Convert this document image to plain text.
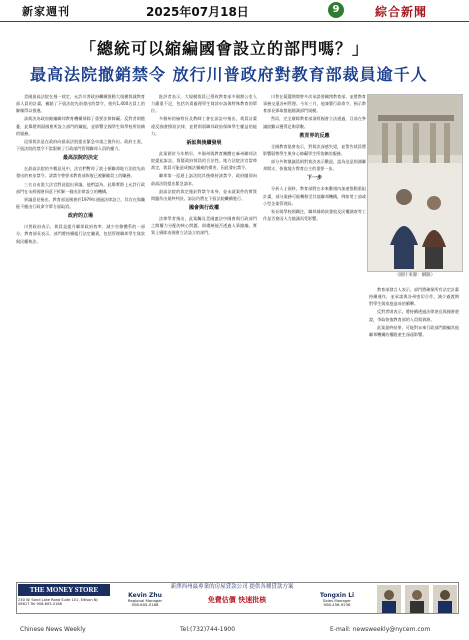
新家週刊	2025年07月18日	9	綜合新聞
「總統可以縮編國會設立的部門嗎？」
最高法院撤銷禁令 放行川普政府對教育部裁員逾千人

美國最高法院在週一裁定，允許川普政府繼續推動大規模裁減教育部人員的計畫，撤銷了下級法院先前發出的禁令，使約1,400名員工的解僱得以推進。

該裁決為政府縮編聯邦教育機構掃除了重要法律障礙。反對者則擔憂，此舉將削弱國會所設立部門的職能，並影響全國學生與學校所依賴的服務。

這項裁決是在政府向最高法院提出緊急申請之後作出。政府主張，下級法院的禁令不當限制了行政部門管理聯邦人員的權力。

最高法院的決定

在最高法院的多數意見中，法官們暫停了波士頓聯邦地方法院先前發出的初步禁令。該禁令曾要求教育部恢復已被解僱員工的職務。

三名自由派大法官對此提出異議。他們認為，此舉實際上允許行政部門在未經國會同意下拆解一個由法律設立的機構。

異議意見指出，教育部是國會於1979年通過法律設立，其存在與職能不應由行政命令單方面取消。

政府的立場

川普政府表示，裁員是提升聯邦政府效率、減少官僚體系的一部分。教育部長表示，部門將持續履行法定職責，包括管理聯邦學生貸款與民權執法。

批評者表示，大規模裁員已導致教育部多個辦公室人力嚴重不足，包括負責處理學生貸款申訴與特殊教育的單位。

多個州的檢察長及教師工會在訴訟中指出，裁員計畫違反國會撥款法律，並將削弱聯邦政府保障學生權益的能力。

訴訟與後續發展

此案源於今年稍早，多個州與教育團體在麻州聯邦法院提起訴訟，質疑政府裁員的合法性。地方法院法官當時裁定，裁員可能造成無法彌補的損害，因此發出禁令。

聯邦第一巡迴上訴法院其後維持該禁令，政府隨即向最高法院提出緊急請求。

最高法院的裁定僅針對禁令本身，並未就案件的實質問題作出最終判決。訴訟仍將在下級法院繼續進行。

國會與行政權

法律學者指出，此案觸及美國憲法中國會與行政部門之間權力分配的核心問題，即總統能否透過人事縮編，實質上廢除由國會立法設立的部門。

川普在競選期間曾多次承諾要關閉教育部，並將教育事務交還各州管理。今年三月，他簽署行政命令，指示教育部長採取措施縮減部門規模。

然而，完全廢除教育部須經國會立法通過，目前在參議院難以獲得足夠票數。

教育界的反應

全國教育協會表示，對裁決深感失望，並警告裁員將影響弱勢學生與身心障礙學生所依賴的服務。

部分共和黨議員則對裁決表示歡迎，認為這是削減聯邦開支、恢復地方教育自主的重要一步。

下一步

分析人士預料，教育部將在未來數週內加速推動重組計畫，部分業務可能轉移至其他聯邦機構，例如勞工部或小型企業管理局。

家長與學校則關注，聯邦補助款發放及民權調查等工作是否會因人力縮減而受影響。

（圖片來源：網路）

教育部發言人表示，部門將確保所有法定計畫持續運作，並承諾與各州密切合作，減少過渡期對學生與家庭造成的衝擊。

反對者則表示，將持續透過法律途徑與國會遊說，爭取恢復教育部的人員與資源。

此案最終結果，可能對未來行政部門縮編其他聯邦機構的權限產生深遠影響。

THE MONEY STORE
230 W. Sand Lake Road Suite 101, Edison NJ 08817 Tel 908-605-0188
新澤西州最專業的房屋貸款公司 提供各種貸款方案
Kevin Zhu
Regional Manager
908-605-0188
免費估價 快速批核
Tongxin Li
Sales Manager
908-456-9238
Chinese News Weekly	Tel:(732)744-1900	E-mail: newsweekly@nycem.com
